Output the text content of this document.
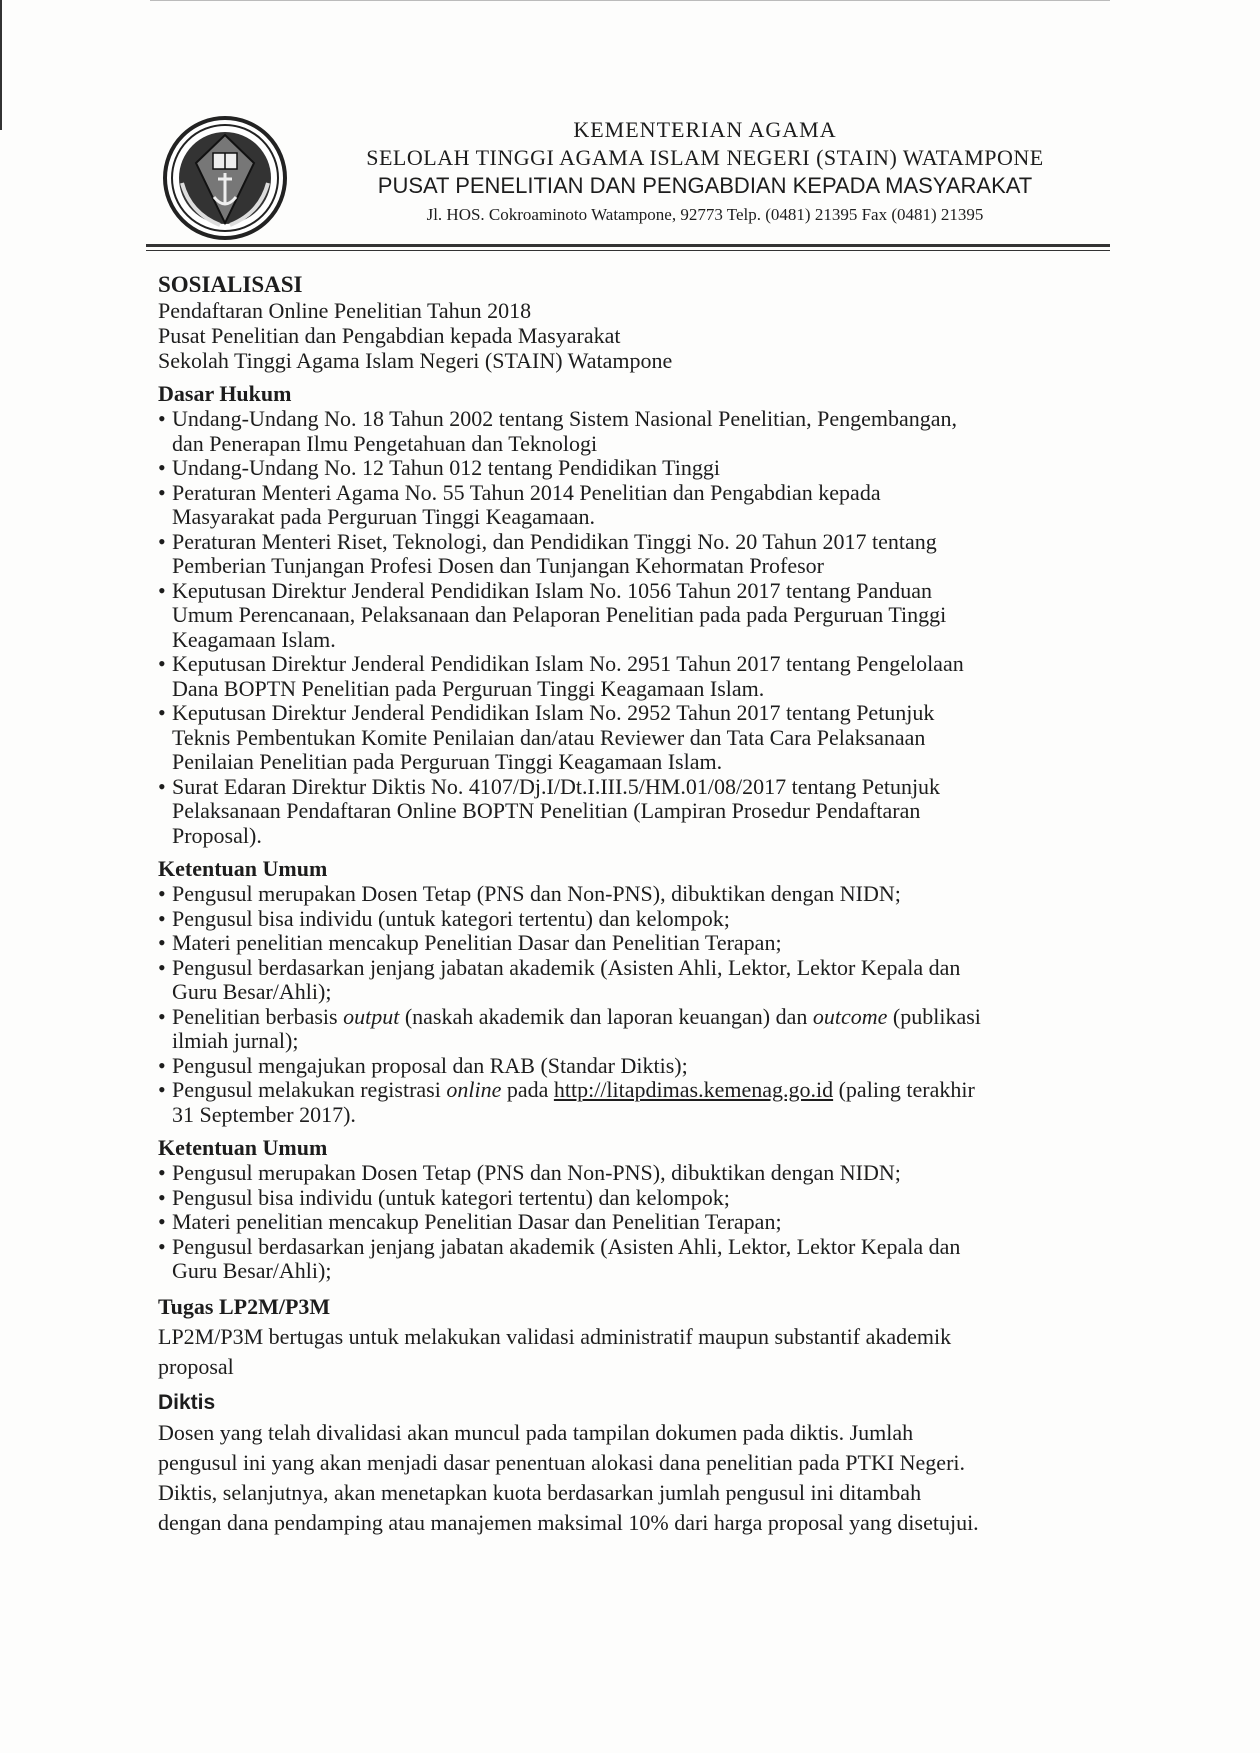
KEMENTERIAN AGAMA
SELOLAH TINGGI AGAMA ISLAM NEGERI (STAIN) WATAMPONE
PUSAT PENELITIAN DAN PENGABDIAN KEPADA MASYARAKAT
Jl. HOS. Cokroaminoto Watampone, 92773 Telp. (0481) 21395 Fax (0481) 21395

SOSIALISASI

Pendaftaran Online Penelitian Tahun 2018

Pusat Penelitian dan Pengabdian kepada Masyarakat

Sekolah Tinggi Agama Islam Negeri (STAIN) Watampone

Dasar Hukum

• Undang-Undang No. 18 Tahun 2002 tentang Sistem Nasional Penelitian, Pengembangan,
dan Penerapan Ilmu Pengetahuan dan Teknologi
• Undang-Undang No. 12 Tahun 012 tentang Pendidikan Tinggi
• Peraturan Menteri Agama No. 55 Tahun 2014 Penelitian dan Pengabdian kepada
Masyarakat pada Perguruan Tinggi Keagamaan.
• Peraturan Menteri Riset, Teknologi, dan Pendidikan Tinggi No. 20 Tahun 2017 tentang
Pemberian Tunjangan Profesi Dosen dan Tunjangan Kehormatan Profesor
• Keputusan Direktur Jenderal Pendidikan Islam No. 1056 Tahun 2017 tentang Panduan
Umum Perencanaan, Pelaksanaan dan Pelaporan Penelitian pada pada Perguruan Tinggi
Keagamaan Islam.
• Keputusan Direktur Jenderal Pendidikan Islam No. 2951 Tahun 2017 tentang Pengelolaan
Dana BOPTN Penelitian pada Perguruan Tinggi Keagamaan Islam.
• Keputusan Direktur Jenderal Pendidikan Islam No. 2952 Tahun 2017 tentang Petunjuk
Teknis Pembentukan Komite Penilaian dan/atau Reviewer dan Tata Cara Pelaksanaan
Penilaian Penelitian pada Perguruan Tinggi Keagamaan Islam.
• Surat Edaran Direktur Diktis No. 4107/Dj.I/Dt.I.III.5/HM.01/08/2017 tentang Petunjuk
Pelaksanaan Pendaftaran Online BOPTN Penelitian (Lampiran Prosedur Pendaftaran
Proposal).

Ketentuan Umum

• Pengusul merupakan Dosen Tetap (PNS dan Non-PNS), dibuktikan dengan NIDN;
• Pengusul bisa individu (untuk kategori tertentu) dan kelompok;
• Materi penelitian mencakup Penelitian Dasar dan Penelitian Terapan;
• Pengusul berdasarkan jenjang jabatan akademik (Asisten Ahli, Lektor, Lektor Kepala dan
Guru Besar/Ahli);
• Penelitian berbasis output (naskah akademik dan laporan keuangan) dan outcome (publikasi
ilmiah jurnal);
• Pengusul mengajukan proposal dan RAB (Standar Diktis);
• Pengusul melakukan registrasi online pada http://litapdimas.kemenag.go.id (paling terakhir
31 September 2017).

Ketentuan Umum

• Pengusul merupakan Dosen Tetap (PNS dan Non-PNS), dibuktikan dengan NIDN;
• Pengusul bisa individu (untuk kategori tertentu) dan kelompok;
• Materi penelitian mencakup Penelitian Dasar dan Penelitian Terapan;
• Pengusul berdasarkan jenjang jabatan akademik (Asisten Ahli, Lektor, Lektor Kepala dan
Guru Besar/Ahli);

Tugas LP2M/P3M

LP2M/P3M bertugas untuk melakukan validasi administratif maupun substantif akademik

proposal

Diktis

Dosen yang telah divalidasi akan muncul pada tampilan dokumen pada diktis. Jumlah

pengusul ini yang akan menjadi dasar penentuan alokasi dana penelitian pada PTKI Negeri.

Diktis, selanjutnya, akan menetapkan kuota berdasarkan jumlah pengusul ini ditambah

dengan dana pendamping atau manajemen maksimal 10% dari harga proposal yang disetujui.
